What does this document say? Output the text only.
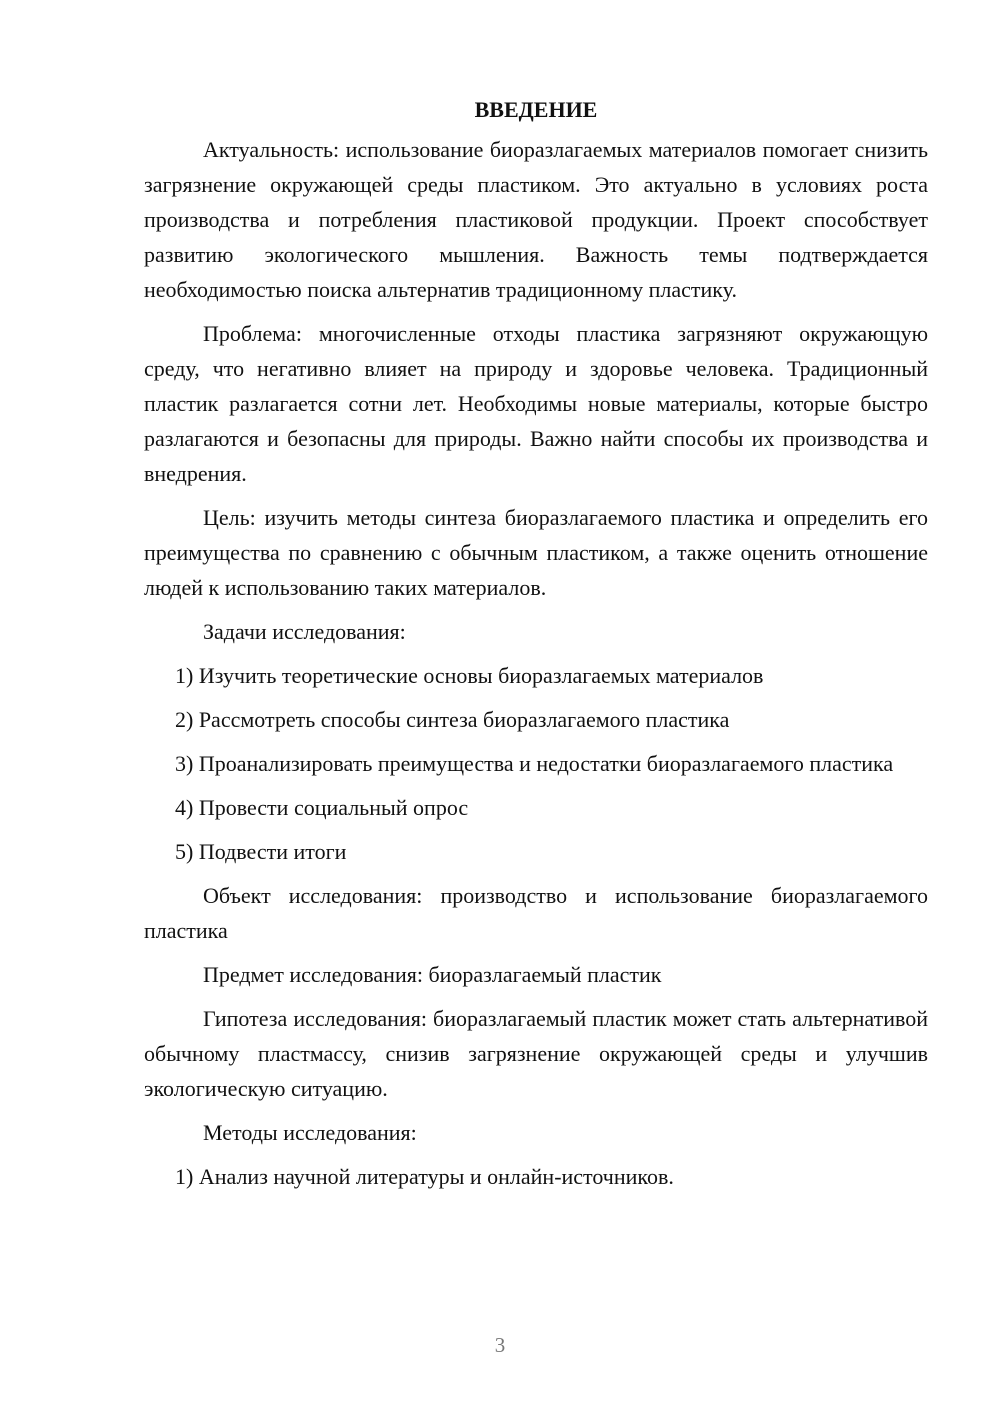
ВВЕДЕНИЕ

Актуальность: использование биоразлагаемых материалов помогает снизить загрязнение окружающей среды пластиком. Это актуально в условиях роста производства и потребления пластиковой продукции. Проект способствует развитию экологического мышления. Важность темы подтверждается необходимостью поиска альтернатив традиционному пластику.

Проблема: многочисленные отходы пластика загрязняют окружающую среду, что негативно влияет на природу и здоровье человека. Традиционный пластик разлагается сотни лет. Необходимы новые материалы, которые быстро разлагаются и безопасны для природы. Важно найти способы их производства и внедрения.

Цель: изучить методы синтеза биоразлагаемого пластика и определить его преимущества по сравнению с обычным пластиком, а также оценить отношение людей к использованию таких материалов.

Задачи исследования:

1) Изучить теоретические основы биоразлагаемых материалов

2) Рассмотреть способы синтеза биоразлагаемого пластика

3) Проанализировать преимущества и недостатки биоразлагаемого пластика

4) Провести социальный опрос

5) Подвести итоги

Объект исследования: производство и использование биоразлагаемого пластика

Предмет исследования: биоразлагаемый пластик

Гипотеза исследования: биоразлагаемый пластик может стать альтернативой обычному пластмассу, снизив загрязнение окружающей среды и улучшив экологическую ситуацию.

Методы исследования:

1) Анализ научной литературы и онлайн-источников.

3
